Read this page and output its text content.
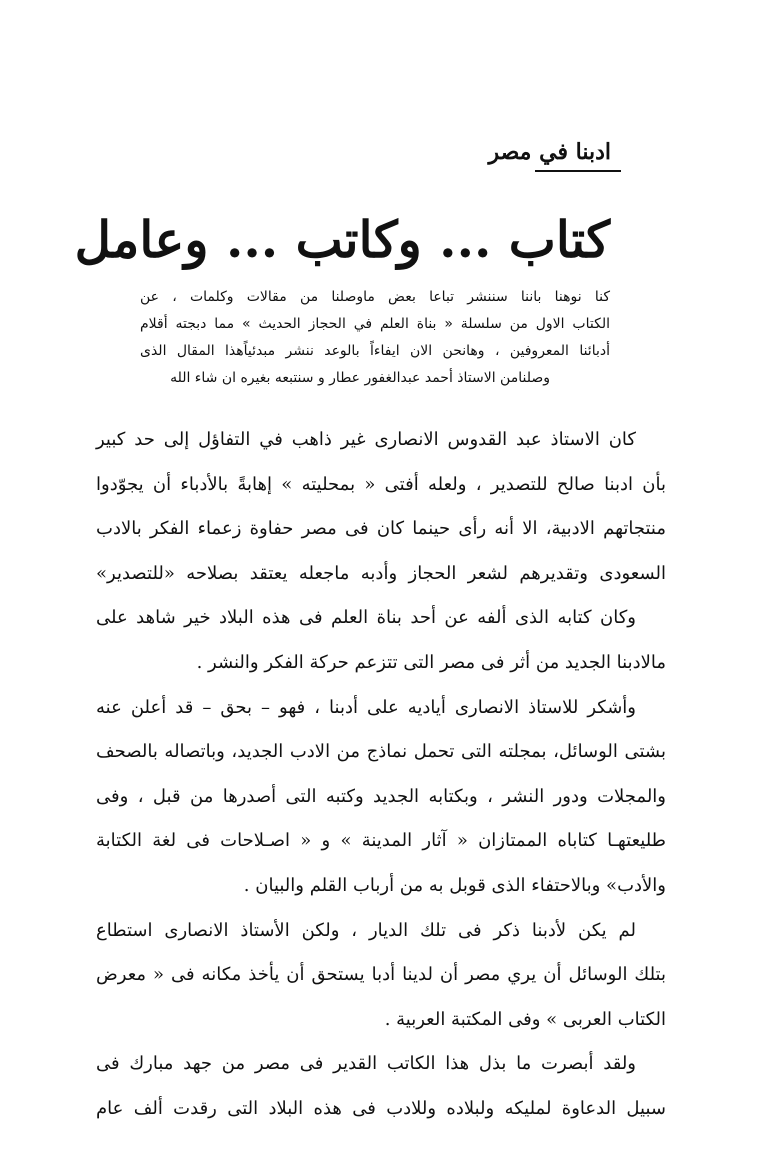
ادبنا في مصر
كتاب ... وكاتب ... وعامل
كنا نوهنا باننا سننشر تباعا بعض ماوصلنا من مقالات وكلمات ، عن
الكتاب الاول من سلسلة « بناة العلم في الحجاز الحديث » مما دبجته أقلام
أدبائنا المعروفين ، وهانحن الان ايفاءاً بالوعد ننشر مبدئياًهذا المقال الذى
وصلنامن الاستاذ أحمد عبدالغفور عطار و سنتبعه بغيره ان شاء الله
كان الاستاذ عبد القدوس الانصارى غير ذاهب في التفاؤل إلى حد كبير
بأن ادبنا صالح للتصدير ، ولعله أفتى « بمحليته » إهابةً بالأدباء أن يجوّدوا
منتجاتهم الادبية، الا أنه رأى حينما كان فى مصر حفاوة زعماء الفكر بالادب
السعودى وتقديرهم لشعر الحجاز وأدبه ماجعله يعتقد بصلاحه «للتصدير»
وكان كتابه الذى ألفه عن أحد بناة العلم فى هذه البلاد خير شاهد على
مالادبنا الجديد من أثر فى مصر التى تتزعم حركة الفكر والنشر .
وأشكر للاستاذ الانصارى أياديه على أدبنا ، فهو – بحق – قد أعلن عنه
بشتى الوسائل، بمجلته التى تحمل نماذج من الادب الجديد، وباتصاله بالصحف
والمجلات ودور النشر ، وبكتابه الجديد وكتبه التى أصدرها من قبل ، وفى
طليعتهـا كتاباه الممتازان « آثار المدينة » و « اصـلاحات فى لغة الكتابة
والأدب» وبالاحتفاء الذى قوبل به من أرباب القلم والبيان .
لم يكن لأدبنا ذكر فى تلك الديار ، ولكن الأستاذ الانصارى استطاع
بتلك الوسائل أن يري مصر أن لدينا أدبا يستحق أن يأخذ مكانه فى « معرض
الكتاب العربى » وفى المكتبة العربية .
ولقد أبصرت ما بذل هذا الكاتب القدير فى مصر من جهد مبارك فى
سبيل الدعاوة لمليكه ولبلاده وللادب فى هذه البلاد التى رقدت ألف عام
